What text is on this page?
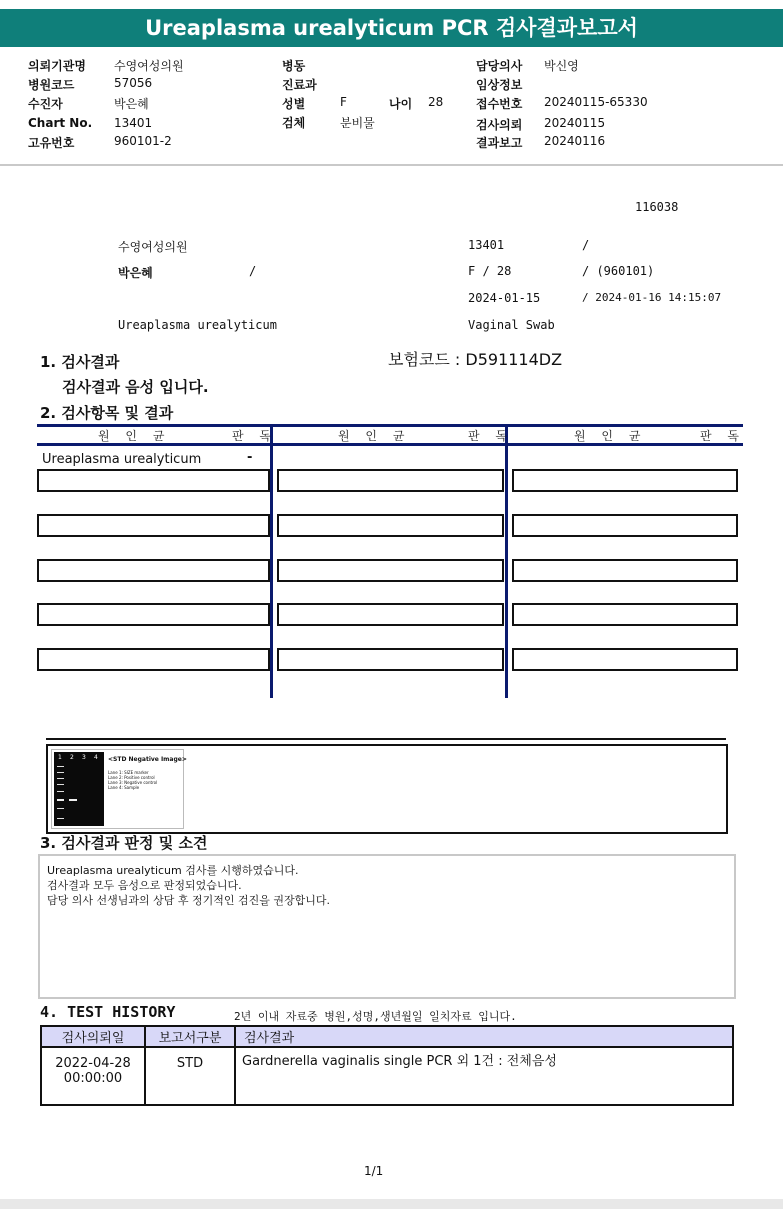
Ureaplasma urealyticum PCR 검사결과보고서
의뢰기관명 수영여성의원
병원코드	57056
수진자	박은혜
Chart No. 13401
고유번호	960101-2
병동
진료과
성별	F	나이 28
검체	분비물
담당의사 박신영
임상정보
접수번호 20240115-65330
검사의뢰 20240115
결과보고 20240116
116038
수영여성의원	13401	/
박은혜	/	F / 28	/ (960101)
2024-01-15	/ 2024-01-16 14:15:07
Ureaplasma urealyticum	Vaginal Swab
1. 검사결과	보험코드 : D591114DZ
검사결과 음성 입니다.
2. 검사항목 및 결과
원 인 균	판 독	원 인 균	판 독	원 인 균	판 독
Ureaplasma urealyticum	-
1 2 3 4 <STD Negative Image>
Lane 1: SIZE marker
Lane 2: Positive control
Lane 3: Negative control
Lane 4: Sample
3. 검사결과 판정 및 소견
Ureaplasma urealyticum 검사를 시행하였습니다.
검사결과 모두 음성으로 판정되었습니다.
담당 의사 선생님과의 상담 후 정기적인 검진을 권장합니다.
4. TEST HISTORY	2년 이내 자료중 병원,성명,생년월일 일치자료 입니다.
검사의뢰일	보고서구분	검사결과

2022-04-28
00:00:00	STD	Gardnerella vaginalis single PCR 외 1건 : 전체음성
1/1
